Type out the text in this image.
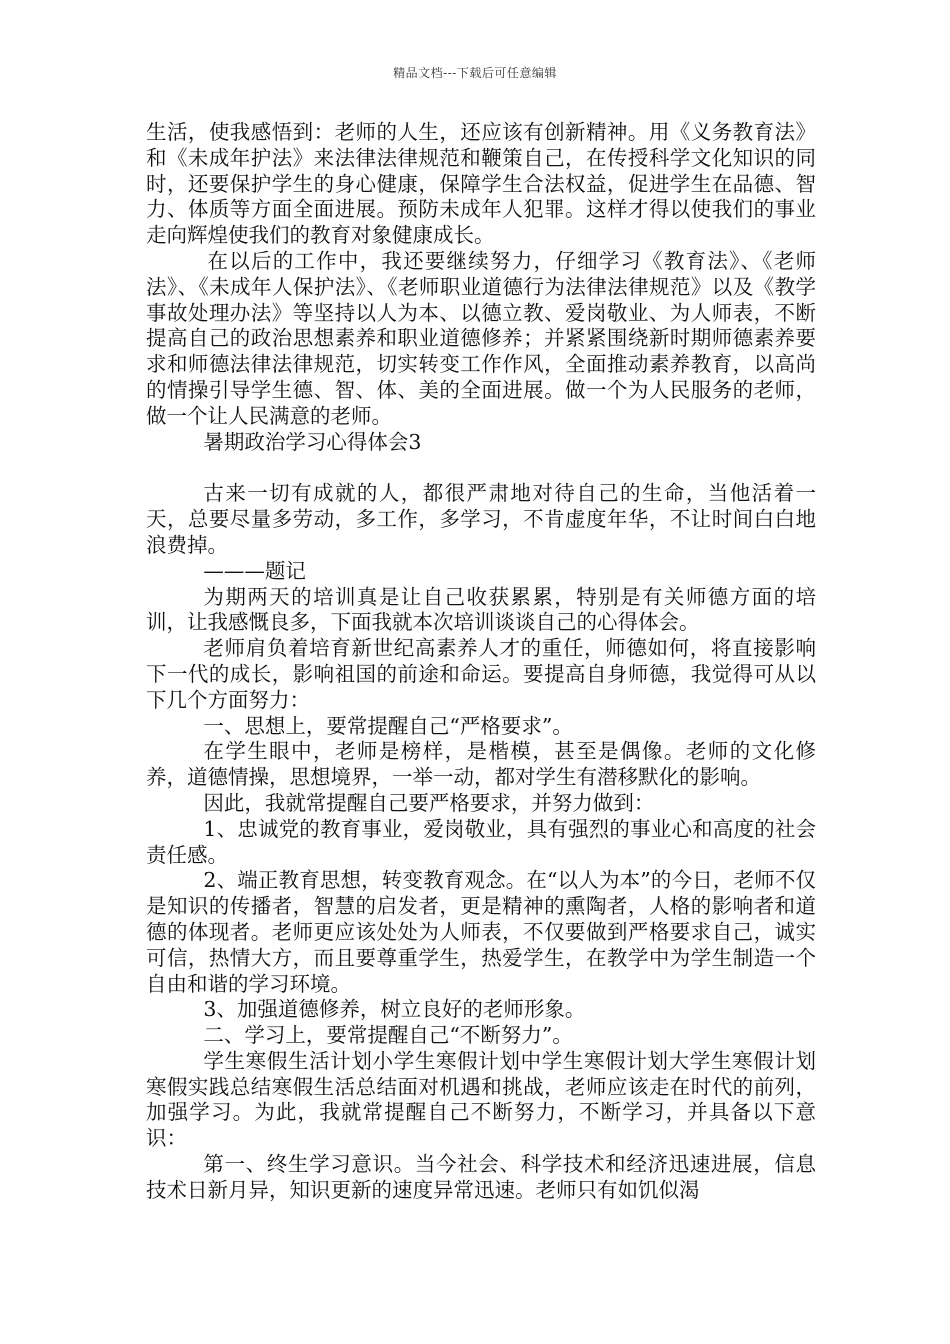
精品文档---下载后可任意编辑

生活，使我感悟到：老师的人生，还应该有创新精神。用《义务教育法》和《未成年护法》来法律法律规范和鞭策自己，在传授科学文化知识的同时，还要保护学生的身心健康，保障学生合法权益，促进学生在品德、智力、体质等方面全面进展。预防未成年人犯罪。这样才得以使我们的事业走向辉煌使我们的教育对象健康成长。

在以后的工作中，我还要继续努力，仔细学习《教育法》、《老师法》、《未成年人保护法》、《老师职业道德行为法律法律规范》以及《教学事故处理办法》等坚持以人为本、以德立教、爱岗敬业、为人师表，不断提高自己的政治思想素养和职业道德修养；并紧紧围绕新时期师德素养要求和师德法律法律规范，切实转变工作作风，全面推动素养教育，以高尚的情操引导学生德、智、体、美的全面进展。做一个为人民服务的老师，做一个让人民满意的老师。

暑期政治学习心得体会3

古来一切有成就的人，都很严肃地对待自己的生命，当他活着一天，总要尽量多劳动，多工作，多学习，不肯虚度年华，不让时间白白地浪费掉。

———题记

为期两天的培训真是让自己收获累累，特别是有关师德方面的培训，让我感慨良多，下面我就本次培训谈谈自己的心得体会。

老师肩负着培育新世纪高素养人才的重任，师德如何，将直接影响下一代的成长，影响祖国的前途和命运。要提高自身师德，我觉得可从以下几个方面努力：

一、思想上，要常提醒自己“严格要求”。

在学生眼中，老师是榜样，是楷模，甚至是偶像。老师的文化修养，道德情操，思想境界，一举一动，都对学生有潜移默化的影响。

因此，我就常提醒自己要严格要求，并努力做到：

1、忠诚党的教育事业，爱岗敬业，具有强烈的事业心和高度的社会责任感。

2、端正教育思想，转变教育观念。在“以人为本”的今日，老师不仅是知识的传播者，智慧的启发者，更是精神的熏陶者，人格的影响者和道德的体现者。老师更应该处处为人师表，不仅要做到严格要求自己，诚实可信，热情大方，而且要尊重学生，热爱学生，在教学中为学生制造一个自由和谐的学习环境。

3、加强道德修养，树立良好的老师形象。

二、学习上，要常提醒自己“不断努力”。

学生寒假生活计划小学生寒假计划中学生寒假计划大学生寒假计划寒假实践总结寒假生活总结面对机遇和挑战，老师应该走在时代的前列，加强学习。为此，我就常提醒自己不断努力，不断学习，并具备以下意识：

第一、终生学习意识。当今社会、科学技术和经济迅速进展，信息技术日新月异，知识更新的速度异常迅速。老师只有如饥似渴
